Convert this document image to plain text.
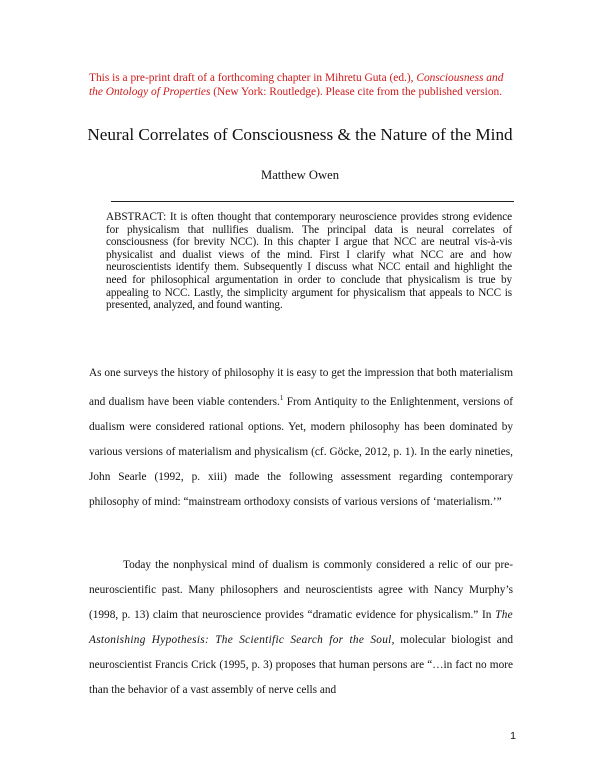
This is a pre-print draft of a forthcoming chapter in Mihretu Guta (ed.), Consciousness and the Ontology of Properties (New York: Routledge). Please cite from the published version.
Neural Correlates of Consciousness & the Nature of the Mind
Matthew Owen
ABSTRACT: It is often thought that contemporary neuroscience provides strong evidence for physicalism that nullifies dualism. The principal data is neural correlates of consciousness (for brevity NCC). In this chapter I argue that NCC are neutral vis-à-vis physicalist and dualist views of the mind. First I clarify what NCC are and how neuroscientists identify them. Subsequently I discuss what NCC entail and highlight the need for philosophical argumentation in order to conclude that physicalism is true by appealing to NCC. Lastly, the simplicity argument for physicalism that appeals to NCC is presented, analyzed, and found wanting.
As one surveys the history of philosophy it is easy to get the impression that both materialism and dualism have been viable contenders.$^1$ From Antiquity to the Enlightenment, versions of dualism were considered rational options. Yet, modern philosophy has been dominated by various versions of materialism and physicalism (cf. Göcke, 2012, p. 1). In the early nineties, John Searle (1992, p. xiii) made the following assessment regarding contemporary philosophy of mind: “mainstream orthodoxy consists of various versions of ‘materialism.’”
Today the nonphysical mind of dualism is commonly considered a relic of our pre-neuroscientific past. Many philosophers and neuroscientists agree with Nancy Murphy’s (1998, p. 13) claim that neuroscience provides “dramatic evidence for physicalism.” In The Astonishing Hypothesis: The Scientific Search for the Soul, molecular biologist and neuroscientist Francis Crick (1995, p. 3) proposes that human persons are “…in fact no more than the behavior of a vast assembly of nerve cells and
1
